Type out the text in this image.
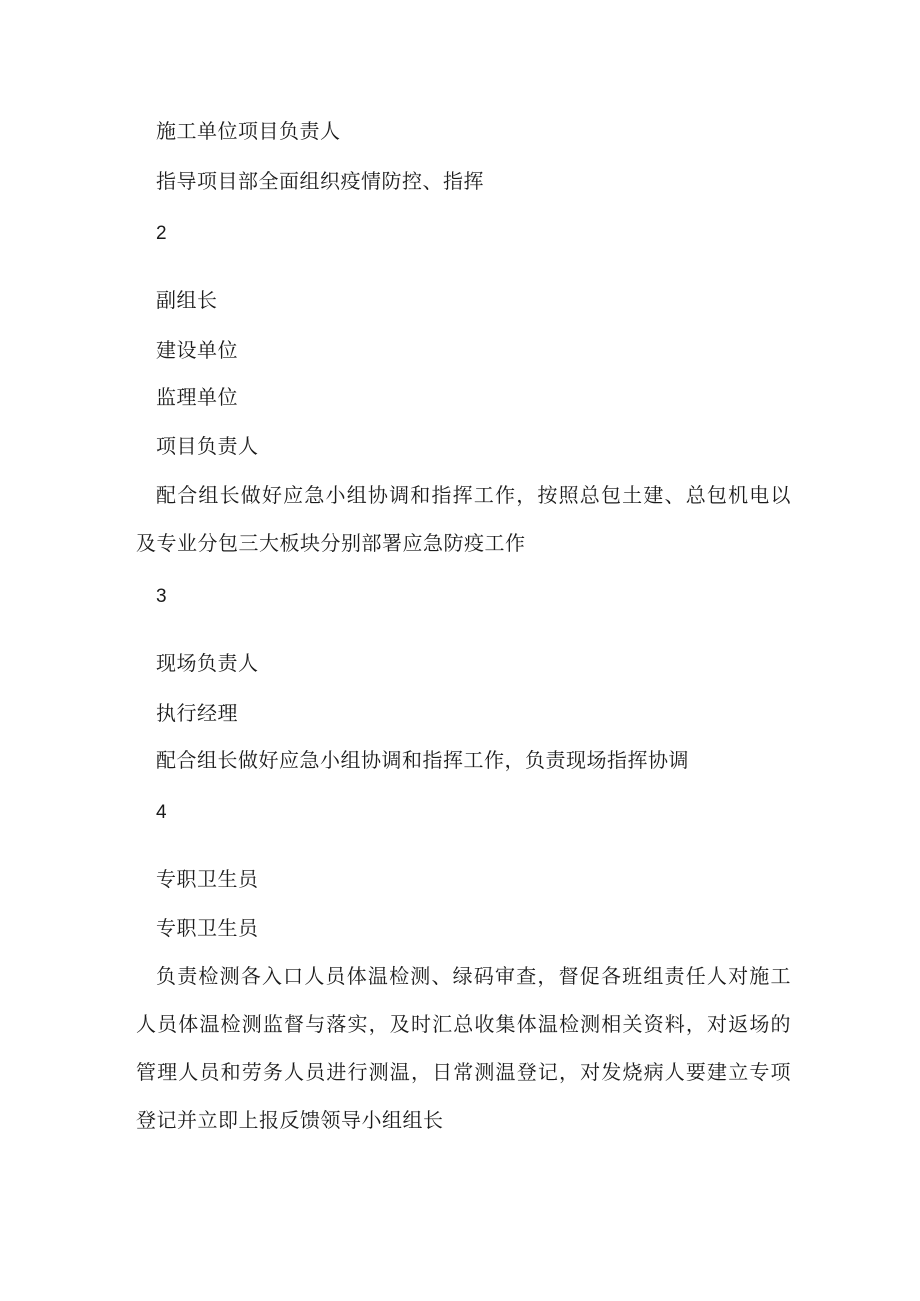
施工单位项目负责人
指导项目部全面组织疫情防控、指挥
2
副组长
建设单位
监理单位
项目负责人

配合组长做好应急小组协调和指挥工作，按照总包土建、总包机电以及专业分包三大板块分别部署应急防疫工作

3
现场负责人
执行经理
配合组长做好应急小组协调和指挥工作，负责现场指挥协调
4
专职卫生员
专职卫生员

负责检测各入口人员体温检测、绿码审查，督促各班组责任人对施工人员体温检测监督与落实，及时汇总收集体温检测相关资料，对返场的管理人员和劳务人员进行测温，日常测温登记，对发烧病人要建立专项登记并立即上报反馈领导小组组长
